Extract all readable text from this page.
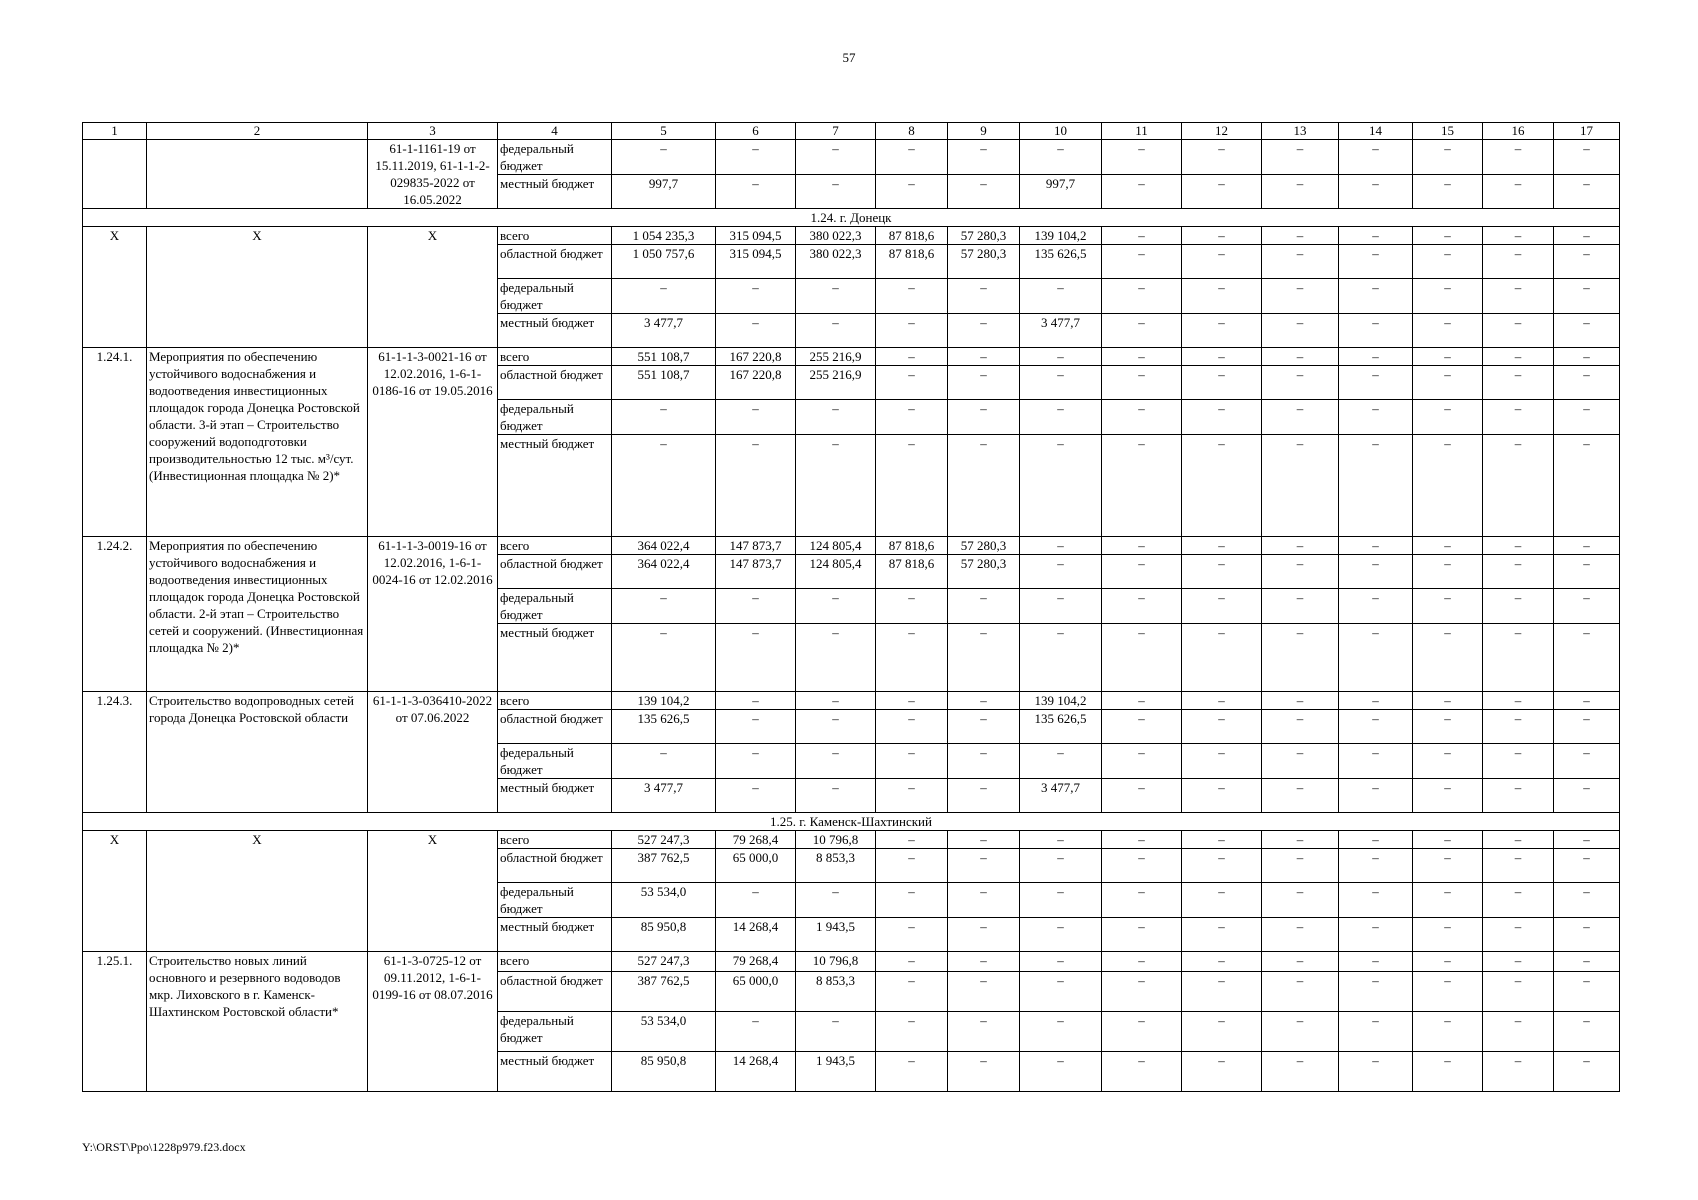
57
1	2	3	4	5	6	7	8	9	10	11	12	13	14	15	16	17
		61-1-1161-19 от 15.11.2019, 61-1-1-2-029835-2022 от 16.05.2022	федеральный бюджет	–	–	–	–	–	–	–	–	–	–	–	–	–
			местный бюджет	997,7	–	–	–	–	997,7	–	–	–	–	–	–	–
1.24. г. Донецк																
X	X	X	всего	1 054 235,3	315 094,5	380 022,3	87 818,6	57 280,3	139 104,2	–	–	–	–	–	–	–
			областной бюджет	1 050 757,6	315 094,5	380 022,3	87 818,6	57 280,3	135 626,5	–	–	–	–	–	–	–
			федеральный бюджет	–	–	–	–	–	–	–	–	–	–	–	–	–
			местный бюджет	3 477,7	–	–	–	–	3 477,7	–	–	–	–	–	–	–
1.24.1.	Мероприятия по обеспечению устойчивого водоснабжения и водоотведения инвестиционных площадок города Донецка Ростовской области. 3-й этап – Строительство сооружений водоподготовки производительностью 12 тыс. м³/сут. (Инвестиционная площадка № 2)*	61-1-1-3-0021-16 от 12.02.2016, 1-6-1-0186-16 от 19.05.2016	всего	551 108,7	167 220,8	255 216,9	–	–	–	–	–	–	–	–	–	–
			областной бюджет	551 108,7	167 220,8	255 216,9	–	–	–	–	–	–	–	–	–	–
			федеральный бюджет	–	–	–	–	–	–	–	–	–	–	–	–	–
			местный бюджет	–	–	–	–	–	–	–	–	–	–	–	–	–
1.24.2.	Мероприятия по обеспечению устойчивого водоснабжения и водоотведения инвестиционных площадок города Донецка Ростовской области. 2-й этап – Строительство сетей и сооружений. (Инвестиционная площадка № 2)*	61-1-1-3-0019-16 от 12.02.2016, 1-6-1-0024-16 от 12.02.2016	всего	364 022,4	147 873,7	124 805,4	87 818,6	57 280,3	–	–	–	–	–	–	–	–
			областной бюджет	364 022,4	147 873,7	124 805,4	87 818,6	57 280,3	–	–	–	–	–	–	–	–
			федеральный бюджет	–	–	–	–	–	–	–	–	–	–	–	–	–
			местный бюджет	–	–	–	–	–	–	–	–	–	–	–	–	–
1.24.3.	Строительство водопроводных сетей города Донецка Ростовской области	61-1-1-3-036410-2022 от 07.06.2022	всего	139 104,2	–	–	–	–	139 104,2	–	–	–	–	–	–	–
			областной бюджет	135 626,5	–	–	–	–	135 626,5	–	–	–	–	–	–	–
			федеральный бюджет	–	–	–	–	–	–	–	–	–	–	–	–	–
			местный бюджет	3 477,7	–	–	–	–	3 477,7	–	–	–	–	–	–	–
1.25. г. Каменск-Шахтинский																
X	X	X	всего	527 247,3	79 268,4	10 796,8	–	–	–	–	–	–	–	–	–	–
			областной бюджет	387 762,5	65 000,0	8 853,3	–	–	–	–	–	–	–	–	–	–
			федеральный бюджет	53 534,0	–	–	–	–	–	–	–	–	–	–	–	–
			местный бюджет	85 950,8	14 268,4	1 943,5	–	–	–	–	–	–	–	–	–	–
1.25.1.	Строительство новых линий основного и резервного водоводов мкр. Лиховского в г. Каменск-Шахтинском Ростовской области*	61-1-3-0725-12 от 09.11.2012, 1-6-1-0199-16 от 08.07.2016	всего	527 247,3	79 268,4	10 796,8	–	–	–	–	–	–	–	–	–	–
			областной бюджет	387 762,5	65 000,0	8 853,3	–	–	–	–	–	–	–	–	–	–
			федеральный бюджет	53 534,0	–	–	–	–	–	–	–	–	–	–	–	–
			местный бюджет	85 950,8	14 268,4	1 943,5	–	–	–	–	–	–	–	–	–	–
Y:\ORST\Ppo\1228p979.f23.docx
